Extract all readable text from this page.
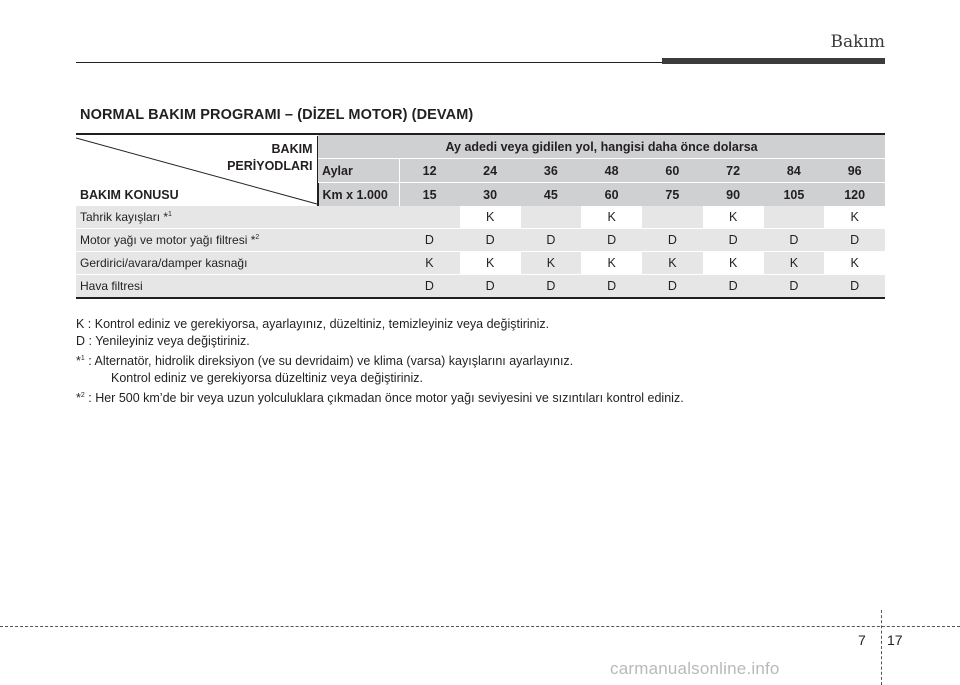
Bakım
NORMAL BAKIM PROGRAMI – (DİZEL MOTOR) (DEVAM)
BAKIM
PERİYODLARI
BAKIM KONUSU	Ay adedi veya gidilen yol, hangisi daha önce dolarsa								
	Aylar	12	24	36	48	60	72	84	96
	Km x 1.000	15	30	45	60	75	90	105	120
Tahrik kayışları *$^1$			K		K		K		K
Motor yağı ve motor yağı filtresi *$^2$		D	D	D	D	D	D	D	D
Gerdirici/avara/damper kasnağı		K	K	K	K	K	K	K	K
Hava filtresi		D	D	D	D	D	D	D	D
K : Kontrol ediniz ve gerekiyorsa, ayarlayınız, düzeltiniz, temizleyiniz veya değiştiriniz.
D : Yenileyiniz veya değiştiriniz.
*$^1$ : Alternatör, hidrolik direksiyon (ve su devridaim) ve klima (varsa) kayışlarını ayarlayınız.
Kontrol ediniz ve gerekiyorsa düzeltiniz veya değiştiriniz.
*$^2$ : Her 500 km’de bir veya uzun yolculuklara çıkmadan önce motor yağı seviyesini ve sızıntıları kontrol ediniz.
7 17
carmanualsonline.info
